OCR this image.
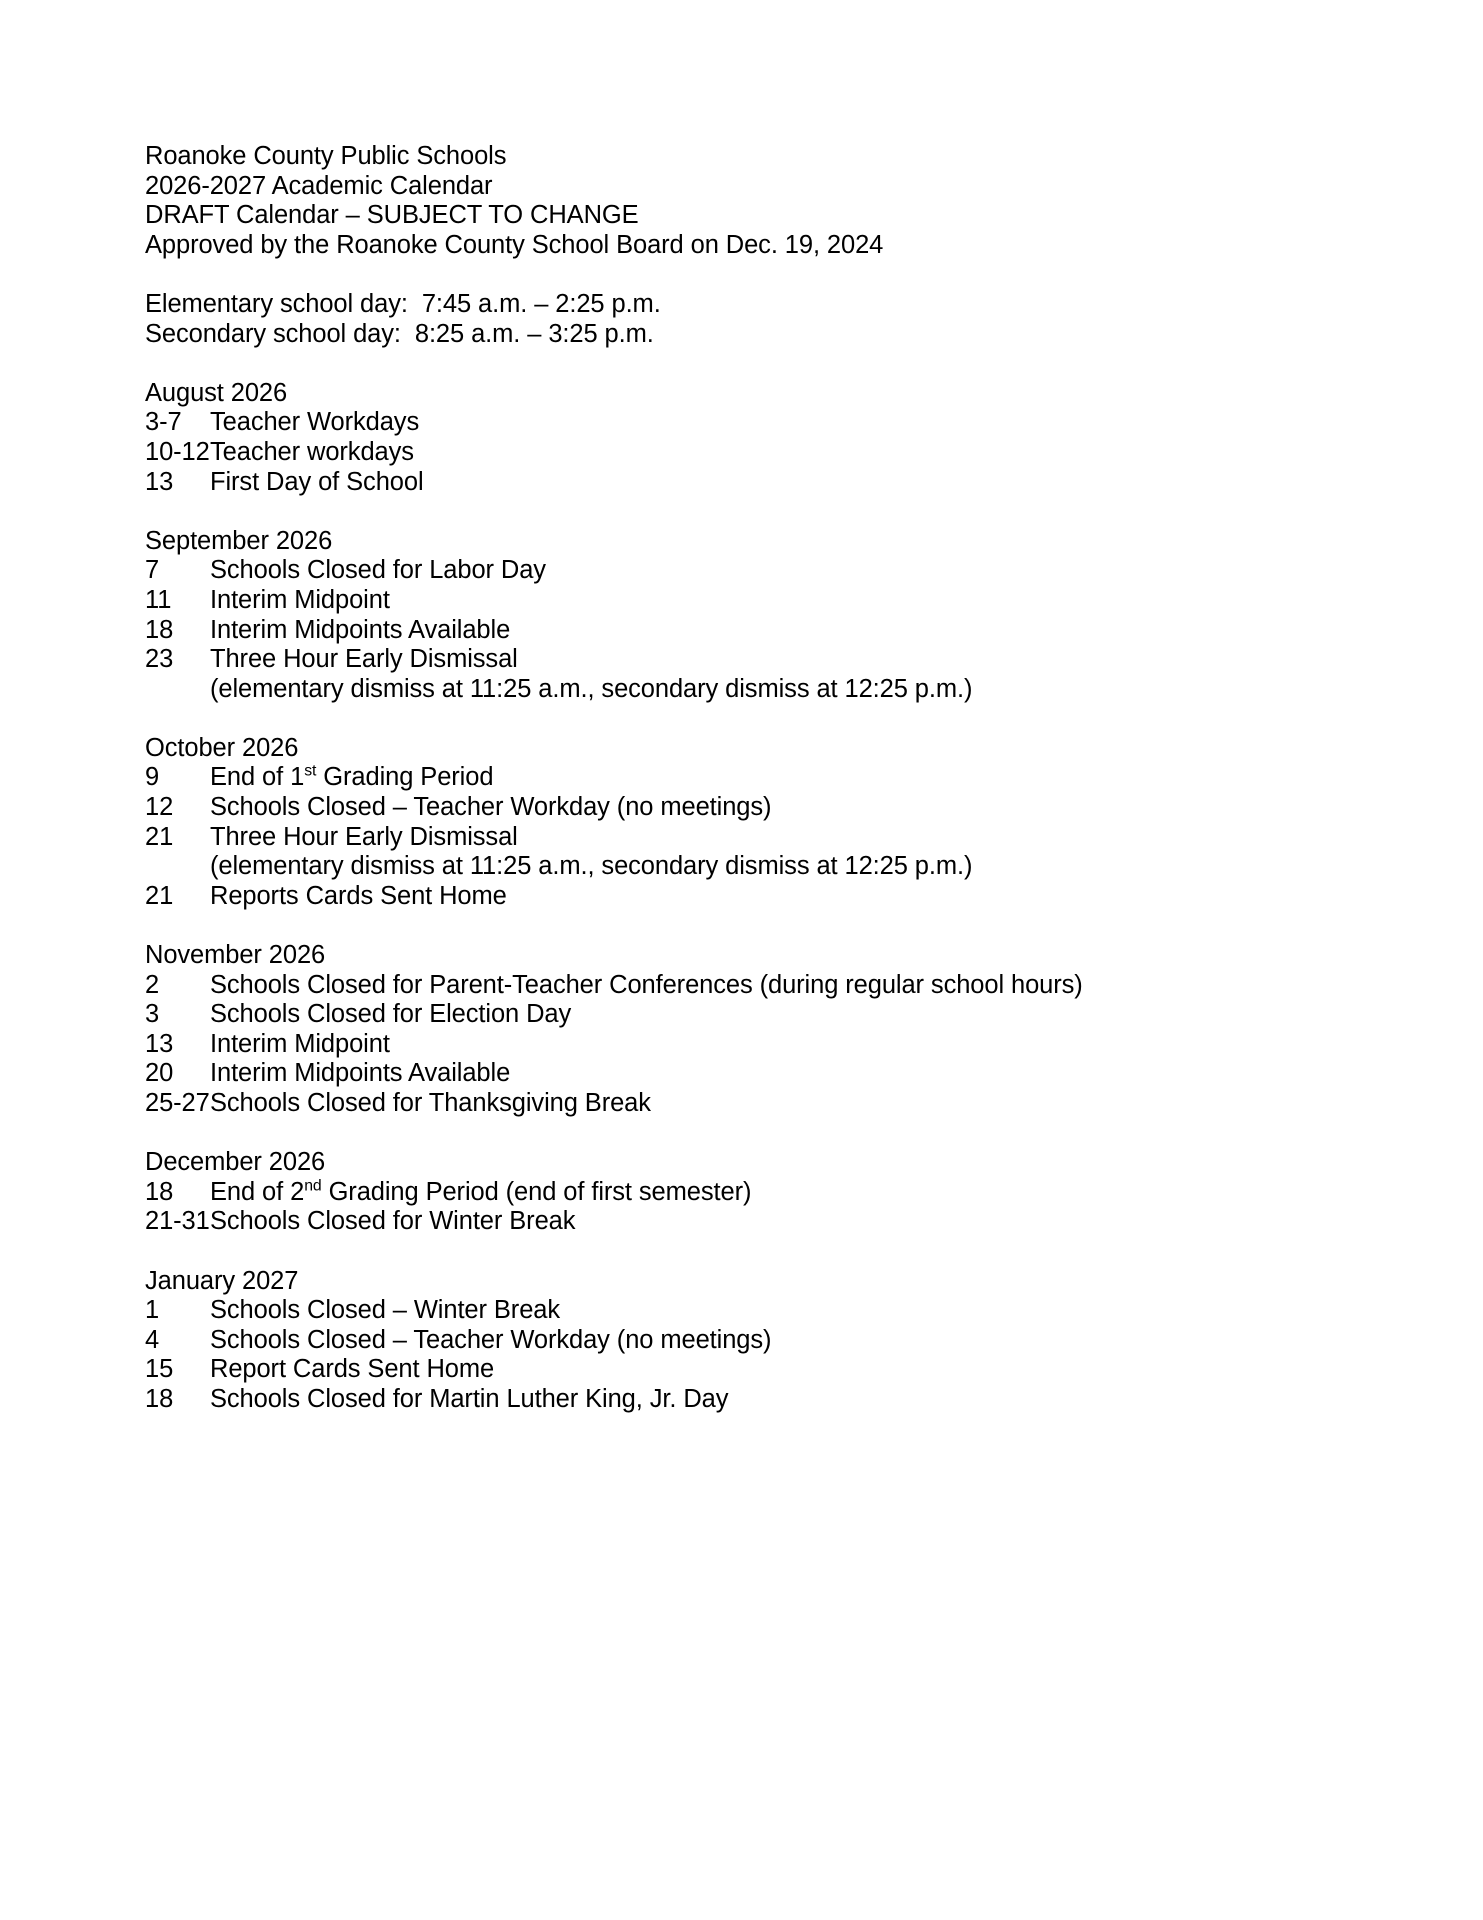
Roanoke County Public Schools
2026-2027 Academic Calendar
DRAFT Calendar – SUBJECT TO CHANGE
Approved by the Roanoke County School Board on Dec. 19, 2024
Elementary school day:  7:45 a.m. – 2:25 p.m.
Secondary school day:  8:25 a.m. – 3:25 p.m.
August 2026
3-7	Teacher Workdays
10-12 Teacher workdays
13	First Day of School
September 2026
7	Schools Closed for Labor Day
11	Interim Midpoint
18	Interim Midpoints Available
23	Three Hour Early Dismissal
(elementary dismiss at 11:25 a.m., secondary dismiss at 12:25 p.m.)
October 2026
9	End of 1st Grading Period
12	Schools Closed – Teacher Workday (no meetings)
21	Three Hour Early Dismissal
(elementary dismiss at 11:25 a.m., secondary dismiss at 12:25 p.m.)
21	Reports Cards Sent Home
November 2026
2	Schools Closed for Parent-Teacher Conferences (during regular school hours)
3	Schools Closed for Election Day
13	Interim Midpoint
20	Interim Midpoints Available
25-27 Schools Closed for Thanksgiving Break
December 2026
18	End of 2nd Grading Period (end of first semester)
21-31 Schools Closed for Winter Break
January 2027
1	Schools Closed – Winter Break
4	Schools Closed – Teacher Workday (no meetings)
15	Report Cards Sent Home
18	Schools Closed for Martin Luther King, Jr. Day
